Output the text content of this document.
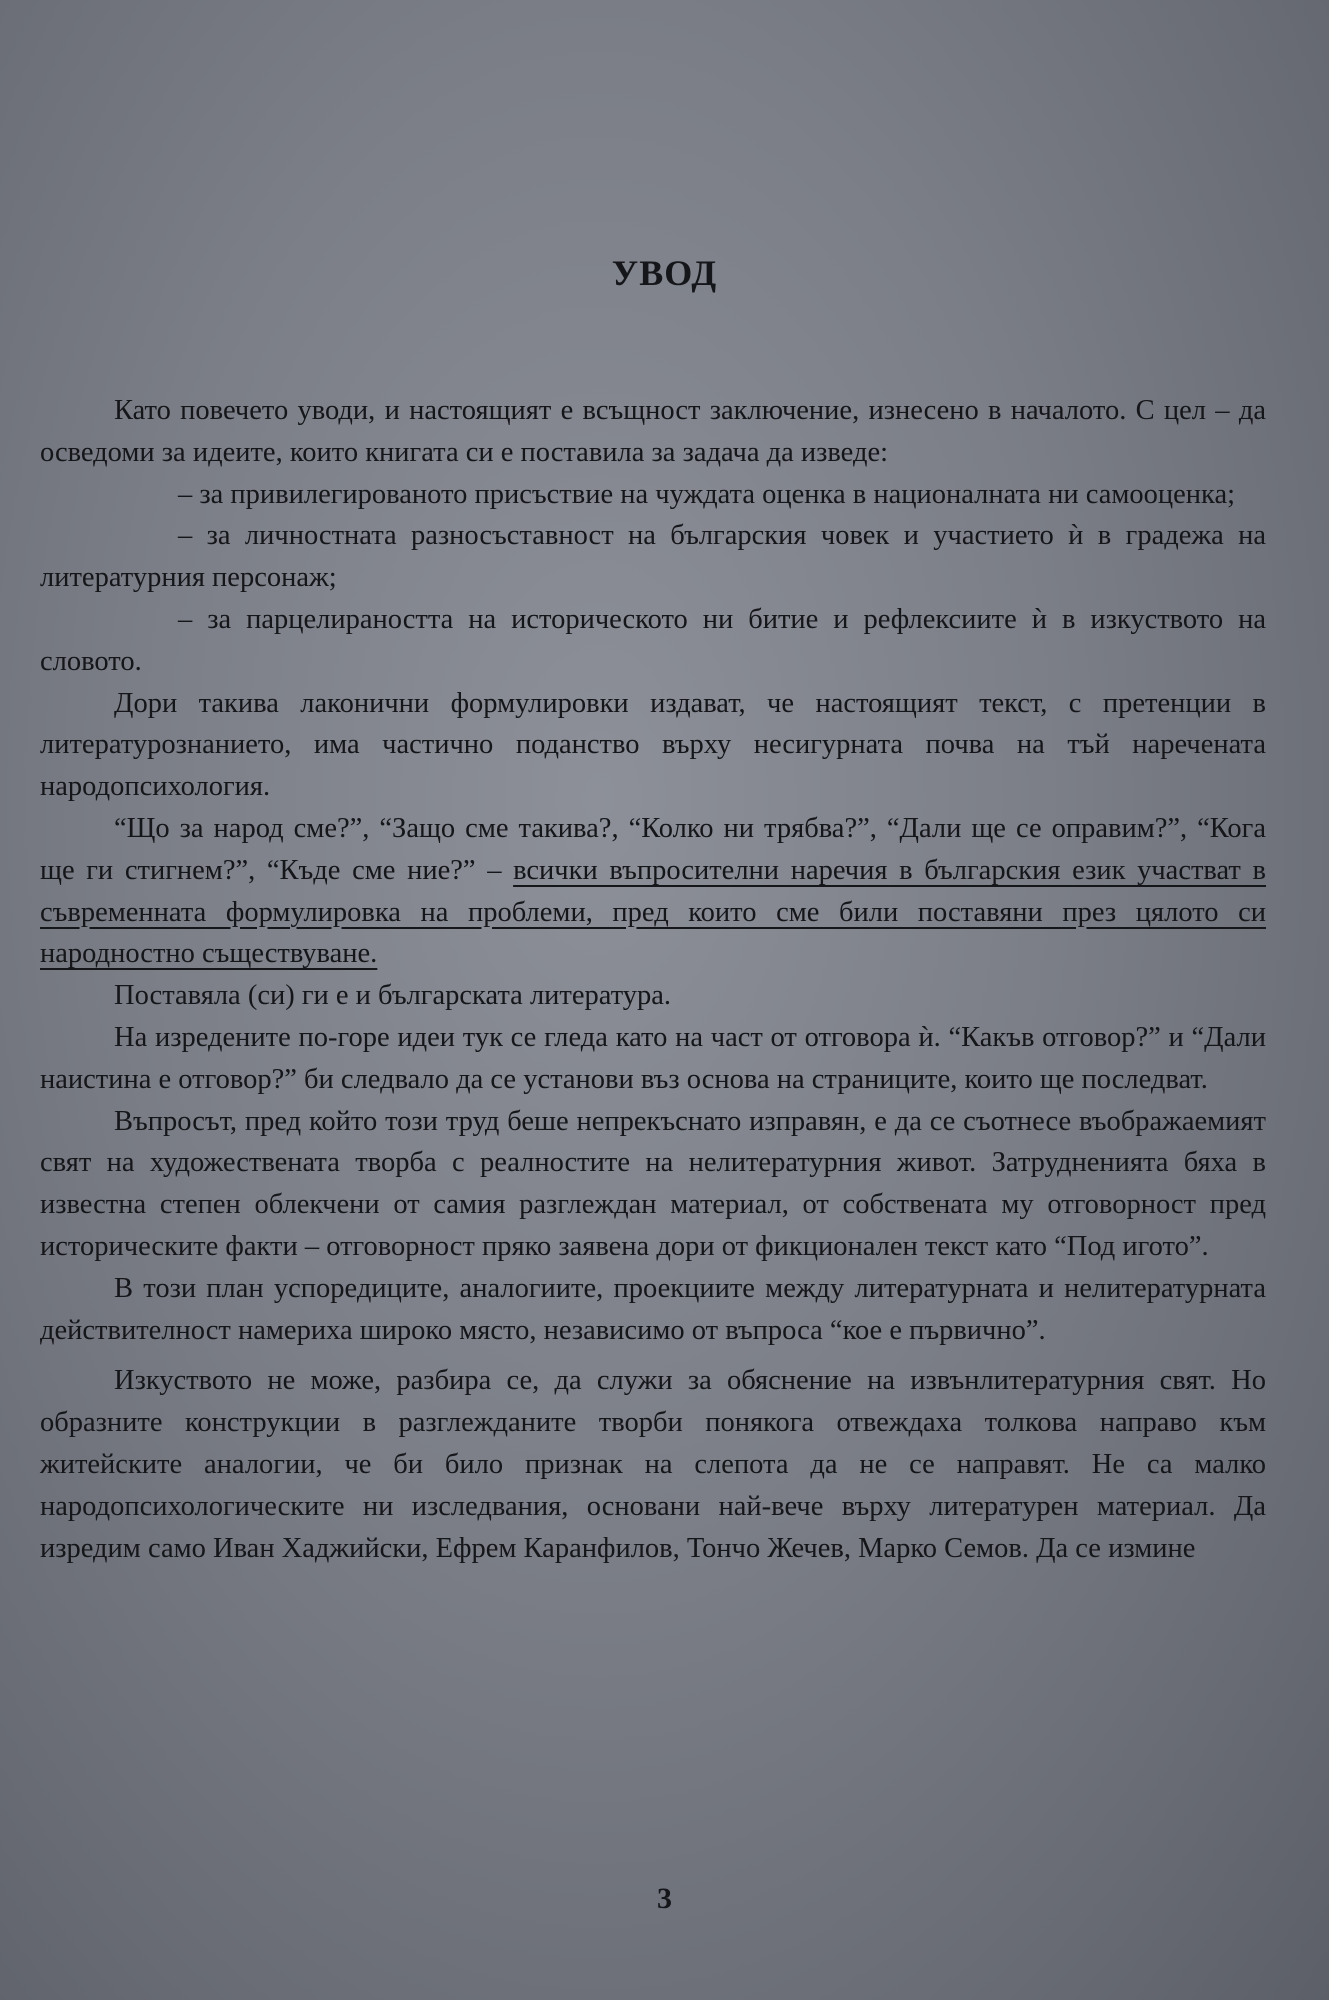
УВОД

Като повечето уводи, и настоящият е всъщност заключение, изнесено в началото. С цел – да осведоми за идеите, които книгата си е поставила за задача да изведе:

– за привилегированото присъствие на чуждата оценка в националната ни самооценка;

– за личностната разносъставност на българския човек и участието ѝ в градежа на литературния персонаж;

– за парцелираността на историческото ни битие и рефлексиите ѝ в изкуството на словото.

Дори такива лаконични формулировки издават, че настоящият текст, с претенции в литературознанието, има частично поданство върху несигурната почва на тъй наречената народопсихология.

“Що за народ сме?”, “Защо сме такива?, “Колко ни трябва?”, “Дали ще се оправим?”, “Кога ще ги стигнем?”, “Къде сме ние?” – всички въпросителни наречия в българския език участват в съвременната формулировка на проблеми, пред които сме били поставяни през цялото си народностно съществуване.

Поставяла (си) ги е и българската литература.

На изредените по-горе идеи тук се гледа като на част от отговора ѝ. “Какъв отговор?” и “Дали наистина е отговор?” би следвало да се установи въз основа на страниците, които ще последват.

Въпросът, пред който този труд беше непрекъснато изправян, е да се съотнесе въображаемият свят на художествената творба с реалностите на нелитературния живот. Затрудненията бяха в известна степен облекчени от самия разглеждан материал, от собствената му отговорност пред историческите факти – отговорност пряко заявена дори от фикционален текст като “Под игото”.

В този план успоредиците, аналогиите, проекциите между литературната и нелитературната действителност намериха широко място, независимо от въпроса “кое е първично”.

Изкуството не може, разбира се, да служи за обяснение на извънлитературния свят. Но образните конструкции в разглежданите творби понякога отвеждаха толкова направо към житейските аналогии, че би било признак на слепота да не се направят. Не са малко народопсихологическите ни изследвания, основани най-вече върху литературен материал. Да изредим само Иван Хаджийски, Ефрем Каранфилов, Тончо Жечев, Марко Семов. Да се измине

3
